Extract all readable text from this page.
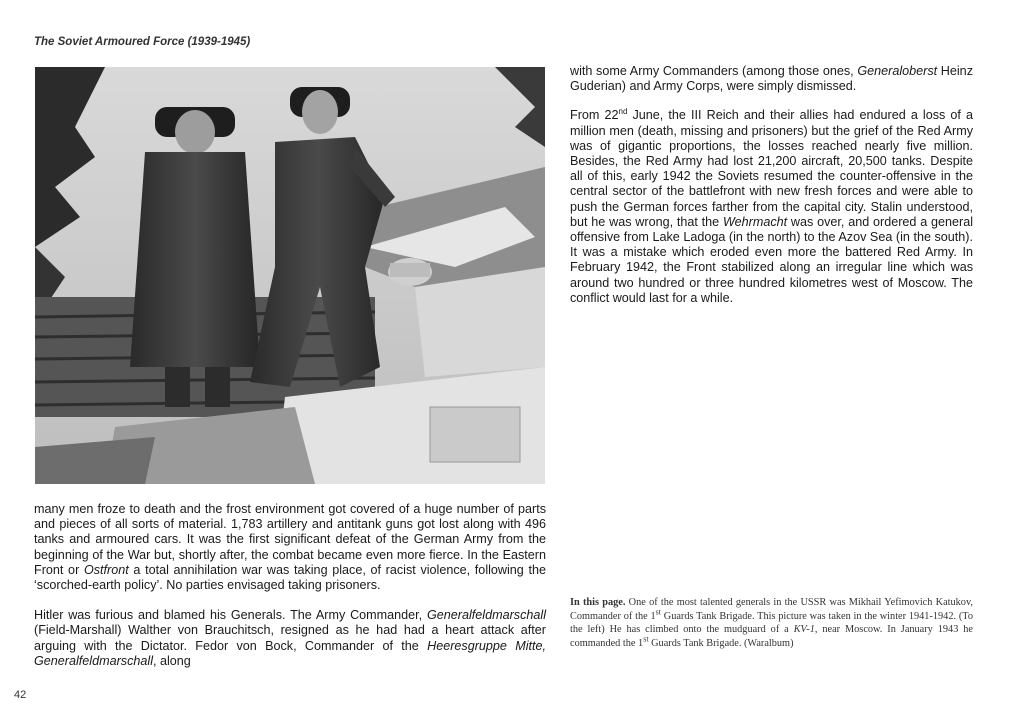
The Soviet Armoured Force (1939-1945)

many men froze to death and the frost environment got covered of a huge number of parts and pieces of all sorts of material. 1,783 artillery and antitank guns got lost along with 496 tanks and armoured cars. It was the first significant defeat of the German Army from the beginning of the War but, shortly after, the combat became even more fierce. In the Eastern Front or Ostfront a total annihilation war was taking place, of racist violence, following the ‘scorched-earth policy’. No parties envisaged taking prisoners.

Hitler was furious and blamed his Generals. The Army Commander, Generalfeldmarschall (Field-Marshall) Walther von Brauchitsch, resigned as he had had a heart attack after arguing with the Dictator. Fedor von Bock, Commander of the Heeresgruppe Mitte, Generalfeldmarschall, along

with some Army Commanders (among those ones, Generaloberst Heinz Guderian) and Army Corps, were simply dismissed.

From 22nd June, the III Reich and their allies had endured a loss of a million men (death, missing and prisoners) but the grief of the Red Army was of gigantic proportions, the losses reached nearly five million. Besides, the Red Army had lost 21,200 aircraft, 20,500 tanks. Despite all of this, early 1942 the Soviets resumed the counter-offensive in the central sector of the battlefront with new fresh forces and were able to push the German forces farther from the capital city. Stalin understood, but he was wrong, that the Wehrmacht was over, and ordered a general offensive from Lake Ladoga (in the north) to the Azov Sea (in the south). It was a mistake which eroded even more the battered Red Army. In February 1942, the Front stabilized along an irregular line which was around two hundred or three hundred kilometres west of Moscow. The conflict would last for a while.

In this page. One of the most talented generals in the USSR was Mikhail Yefimovich Katukov, Commander of the 1st Guards Tank Brigade. This picture was taken in the winter 1941-1942. (To the left) He has climbed onto the mudguard of a KV-1, near Moscow. In January 1943 he commanded the 1st Guards Tank Brigade. (Waralbum)
42
